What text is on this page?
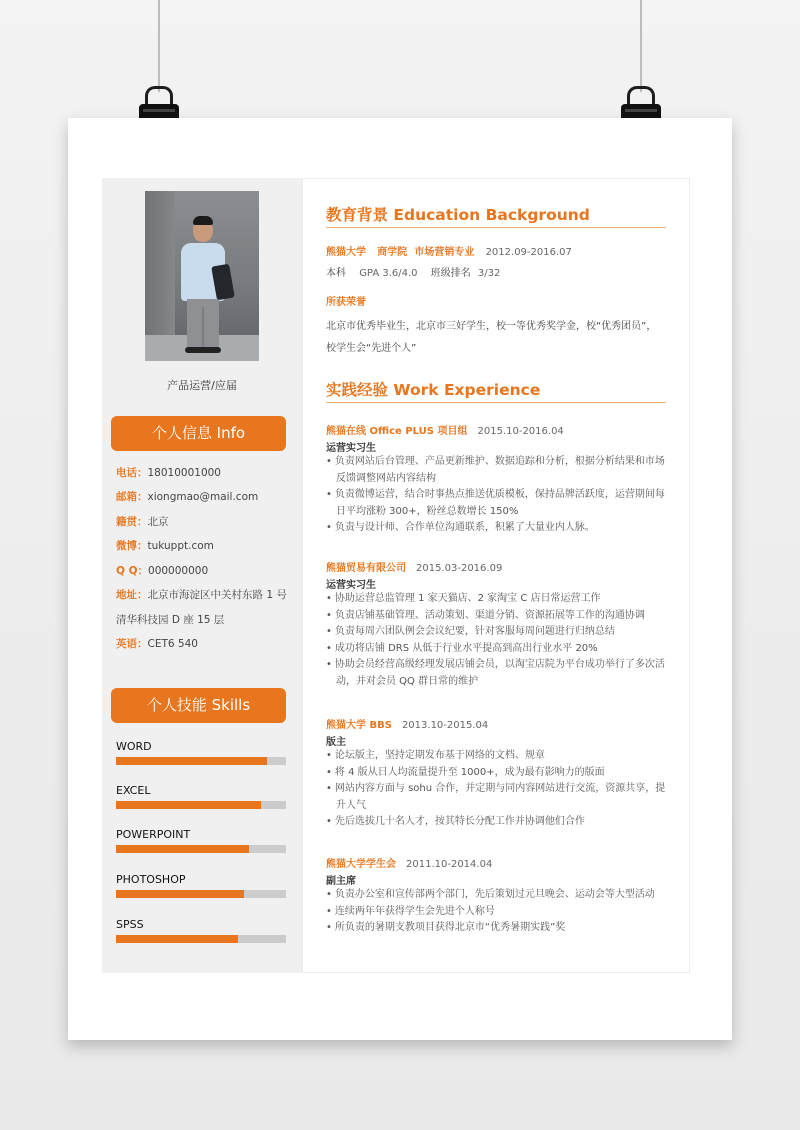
产品运营/应届
个人信息 Info
电话：18010001000
邮箱：xiongmao@mail.com
籍贯：北京
微博：tukuppt.com
Q Q：000000000
地址：北京市海淀区中关村东路 1 号
清华科技园 D 座 15 层
英语：CET6 540
个人技能 Skills
WORD
EXCEL
POWERPOINT
PHOTOSHOP
SPSS
教育背景 Education Background
熊猫大学 商学院 市场营销专业 2012.09-2016.07
本科 GPA 3.6/4.0 班级排名 3/32
所获荣誉
北京市优秀毕业生，北京市三好学生，校一等优秀奖学金，校“优秀团员”，
校学生会“先进个人”
实践经验 Work Experience
熊猫在线 Office PLUS 项目组 2015.10-2016.04
运营实习生
• 负责网站后台管理、产品更新维护、数据追踪和分析，根据分析结果和市场
反馈调整网站内容结构
• 负责微博运营，结合时事热点推送优质模板，保持品牌活跃度，运营期间每
日平均涨粉 300+，粉丝总数增长 150%
• 负责与设计师、合作单位沟通联系，积累了大量业内人脉。
熊猫贸易有限公司 2015.03-2016.09
运营实习生
• 协助运营总监管理 1 家天猫店、2 家淘宝 C 店日常运营工作
• 负责店铺基础管理、活动策划、渠道分销、资源拓展等工作的沟通协调
• 负责每周六团队例会会议纪要，针对客服每周问题进行归纳总结
• 成功将店铺 DRS 从低于行业水平提高到高出行业水平 20%
• 协助会员经营高级经理发展店铺会员，以淘宝店院为平台成功举行了多次活
动，并对会员 QQ 群日常的维护
熊猫大学 BBS 2013.10-2015.04
版主
• 论坛版主，坚持定期发布基于网络的文档、规章
• 将 4 版从日人均流量提升至 1000+，成为最有影响力的版面
• 网站内容方面与 sohu 合作，并定期与同内容网站进行交流，资源共享，提
升人气
• 先后选拔几十名人才，按其特长分配工作并协调他们合作
熊猫大学学生会 2011.10-2014.04
副主席
• 负责办公室和宣传部两个部门，先后策划过元旦晚会、运动会等大型活动
• 连续两年年获得学生会先进个人称号
• 所负责的暑期支教项目获得北京市“优秀暑期实践”奖
